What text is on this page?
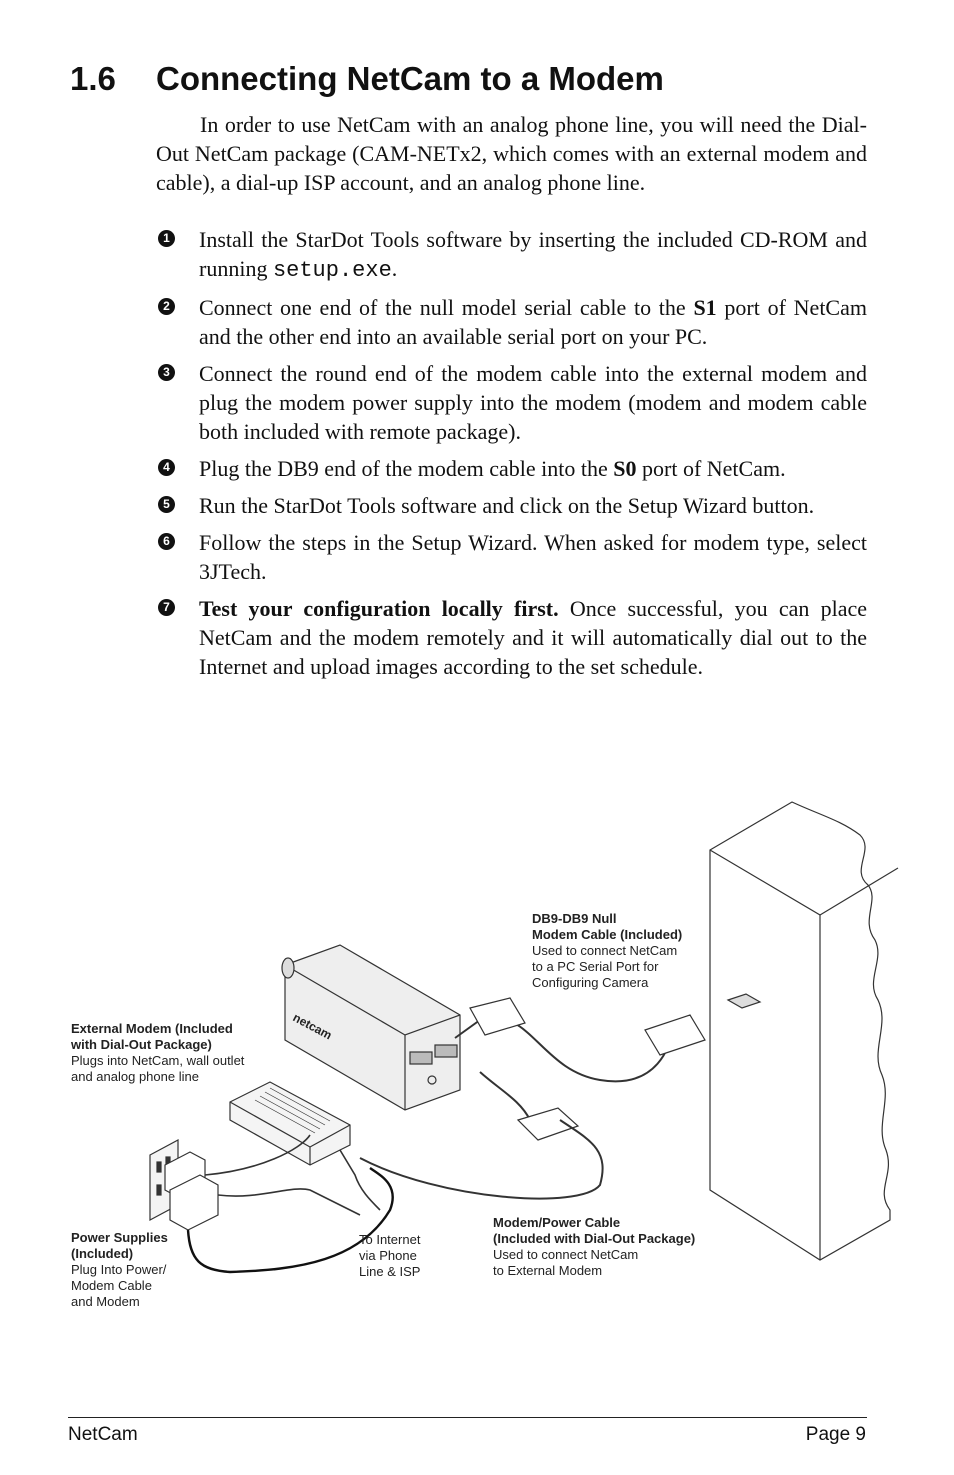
1.6 Connecting NetCam to a Modem

In order to use NetCam with an analog phone line, you will need the Dial-Out NetCam package (CAM-NETx2, which comes with an external modem and cable), a dial-up ISP account, and an analog phone line.

1 Install the StarDot Tools software by inserting the included CD-ROM and running setup.exe.
2 Connect one end of the null model serial cable to the S1 port of NetCam and the other end into an available serial port on your PC.
3 Connect the round end of the modem cable into the external modem and plug the modem power supply into the modem (modem and modem cable both included with remote package).
4 Plug the DB9 end of the modem cable into the S0 port of NetCam.
5 Run the StarDot Tools software and click on the Setup Wizard button.
6 Follow the steps in the Setup Wizard. When asked for modem type, select 3JTech.
7 Test your configuration locally first. Once successful, you can place NetCam and the modem remotely and it will automatically dial out to the Internet and upload images according to the set schedule.
netcam
DB9-DB9 Null
Modem Cable (Included)
Used to connect NetCam
to a PC Serial Port for
Configuring Camera
External Modem (Included
with Dial-Out Package)
Plugs into NetCam, wall outlet
and analog phone line
Power Supplies
(Included)
Plug Into Power/
Modem Cable
and Modem
To Internet
via Phone
Line & ISP
Modem/Power Cable
(Included with Dial-Out Package)
Used to connect NetCam
to External Modem
NetCam	Page 9
